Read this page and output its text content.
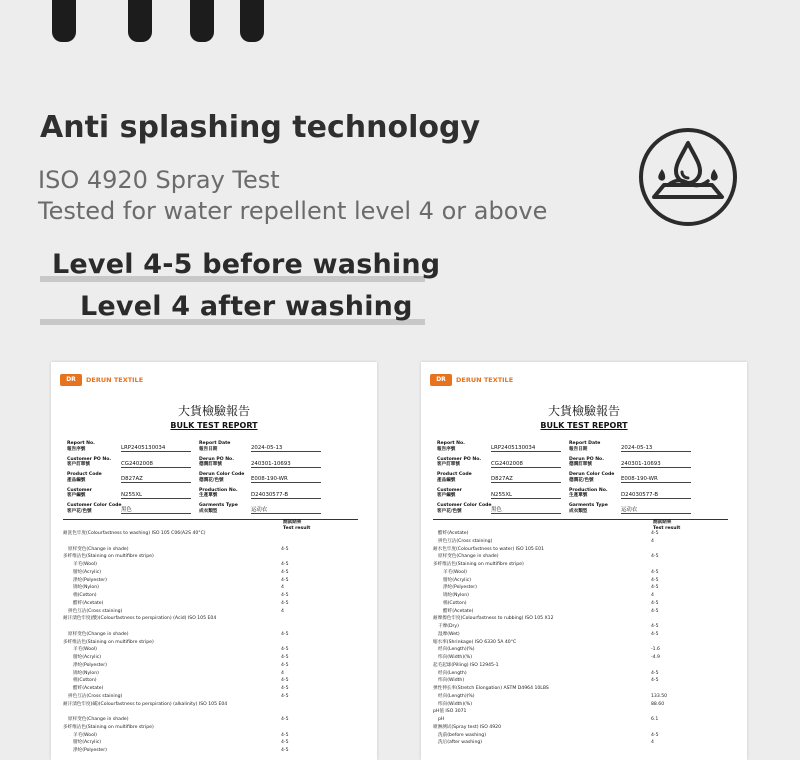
Anti splashing technology
ISO 4920 Spray Test
Tested for water repellent level 4 or above
Level 4-5 before washing
Level 4 after washing
DR	DERUN TEXTILE
大貨檢驗報告
BULK TEST REPORT
Report No.
報告序號	LRP2405130034
Report Date
報告日期	2024-05-13
Customer PO No.
客戶訂單號	CG2402008
Derun PO No.
德潤訂單號	240301-10693
Product Code
產品編號	D827AZ
Derun Color Code
德潤花/色號	E008-190-WR
Customer
客戶編號	N255XL
Production No.
生產單號	D24030577-B
Customer Color Code
客戶花/色號	黑色
Garments Type
成衣類型	运动衣
測試結果
Test result
耐洗色牢度(Colourfastness to washing) ISO 105 C06(A2S 40°C)
原样变色(Change in shade)	4-5
多纤维沾色(Staining on multifibre stripe)
羊毛(Wool)	4-5
腈纶(Acrylic)	4-5
涤纶(Polyester)	4-5
锦纶(Nylon)	4
棉(Cotton)	4-5
醋纤(Acetate)	4-5
拼色互沾(Cross staining)	4
耐汗渍色牢度(酸)(Colourfastness to perspiration) (Acid) ISO 105 E04
原样变色(Change in shade)	4-5
多纤维沾色(Staining on multifibre stripe)
羊毛(Wool)	4-5
腈纶(Acrylic)	4-5
涤纶(Polyester)	4-5
锦纶(Nylon)	4
棉(Cotton)	4-5
醋纤(Acetate)	4-5
拼色互沾(Cross staining)	4-5
耐汗渍色牢度(碱)(Colourfastness to perspiration) (alkalinity) ISO 105 E04
原样变色(Change in shade)	4-5
多纤维沾色(Staining on multifibre stripe)
羊毛(Wool)	4-5
腈纶(Acrylic)	4-5
涤纶(Polyester)	4-5
DR	DERUN TEXTILE
大貨檢驗報告
BULK TEST REPORT
Report No.
報告序號	LRP2405130034
Report Date
報告日期	2024-05-13
Customer PO No.
客戶訂單號	CG2402008
Derun PO No.
德潤訂單號	240301-10693
Product Code
產品編號	D827AZ
Derun Color Code
德潤花/色號	E008-190-WR
Customer
客戶編號	N255XL
Production No.
生產單號	D24030577-B
Customer Color Code
客戶花/色號	黑色
Garments Type
成衣類型	运动衣
測試結果
Test result
醋纤(Acetate)	4-5
拼色互沾(Cross staining)	4
耐水色牢度(Colourfastness to water) ISO 105 E01
原样变色(Change in shade)	4-5
多纤维沾色(Staining on multifibre stripe)
羊毛(Wool)	4-5
腈纶(Acrylic)	4-5
涤纶(Polyester)	4-5
锦纶(Nylon)	4
棉(Cotton)	4-5
醋纤(Acetate)	4-5
耐摩擦色牢度(Colourfastness to rubbing) ISO 105 X12
干摩(Dry)	4-5
湿摩(Wet)	4-5
缩水率(Shrinkage) ISO 6330 5A 40°C
经向(Length)(%)	-1.6
纬向(Width)(%)	-4.9
起毛起球(Pilling) ISO 12945-1
经向(Length)	4-5
纬向(Width)	4-5
弹性伸长率(Stretch Elongation) ASTM D4964 10LBS
经向(Length)(%)	133.50
纬向(Width)(%)	88.60
pH值 ISO 3071
pH	6.1
喷淋测试(Spray test) ISO 4920
洗前(before washing)	4-5
洗后(after washing)	4
